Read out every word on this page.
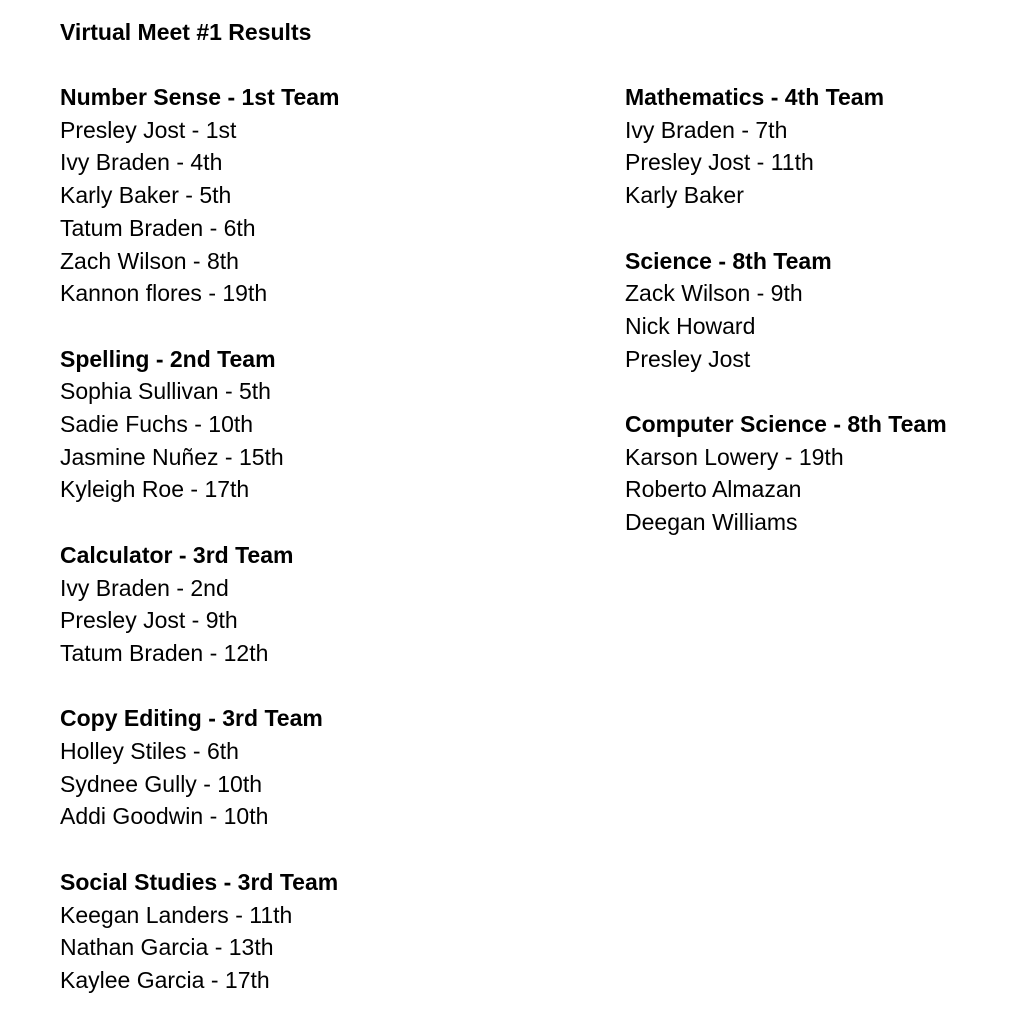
Virtual Meet #1 Results
Number Sense - 1st Team
Presley Jost - 1st
Ivy Braden - 4th
Karly Baker - 5th
Tatum Braden - 6th
Zach Wilson - 8th
Kannon flores - 19th
Spelling - 2nd Team
Sophia Sullivan - 5th
Sadie Fuchs - 10th
Jasmine Nuñez - 15th
Kyleigh Roe - 17th
Calculator - 3rd Team
Ivy Braden - 2nd
Presley Jost - 9th
Tatum Braden - 12th
Copy Editing - 3rd Team
Holley Stiles - 6th
Sydnee Gully - 10th
Addi Goodwin - 10th
Social Studies - 3rd Team
Keegan Landers - 11th
Nathan Garcia - 13th
Kaylee Garcia - 17th
Mathematics - 4th Team
Ivy Braden - 7th
Presley Jost - 11th
Karly Baker
Science - 8th Team
Zack Wilson - 9th
Nick Howard
Presley Jost
Computer Science - 8th Team
Karson Lowery - 19th
Roberto Almazan
Deegan Williams
